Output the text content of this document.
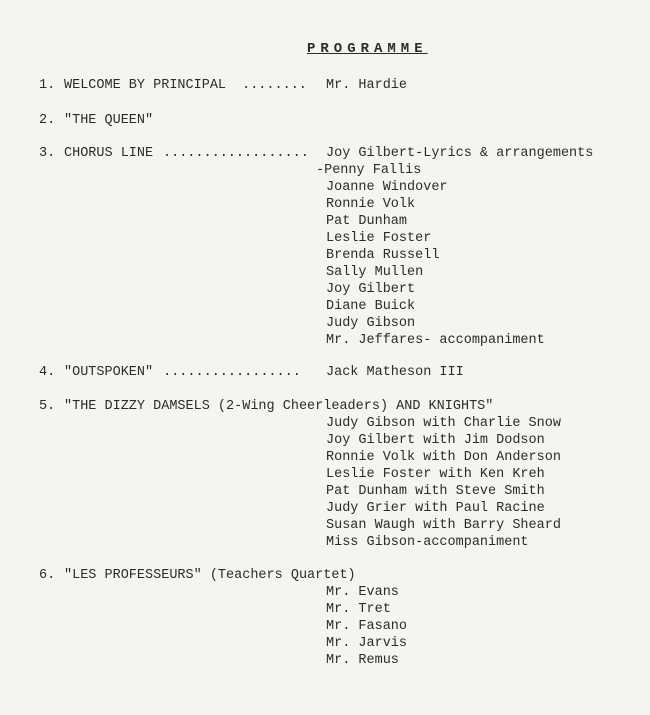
PROGRAMME
1. WELCOME BY PRINCIPAL ........ Mr. Hardie
2. "THE QUEEN"
3. CHORUS LINE .................. Joy Gilbert-Lyrics & arrangements
-Penny Fallis
Joanne Windover
Ronnie Volk
Pat Dunham
Leslie Foster
Brenda Russell
Sally Mullen
Joy Gilbert
Diane Buick
Judy Gibson
Mr. Jeffares- accompaniment
4. "OUTSPOKEN" ................. Jack Matheson III
5. "THE DIZZY DAMSELS (2-Wing Cheerleaders) AND KNIGHTS"
Judy Gibson with Charlie Snow
Joy Gilbert with Jim Dodson
Ronnie Volk with Don Anderson
Leslie Foster with Ken Kreh
Pat Dunham with Steve Smith
Judy Grier with Paul Racine
Susan Waugh with Barry Sheard
Miss Gibson-accompaniment
6. "LES PROFESSEURS" (Teachers Quartet)
Mr. Evans
Mr. Tret
Mr. Fasano
Mr. Jarvis
Mr. Remus
